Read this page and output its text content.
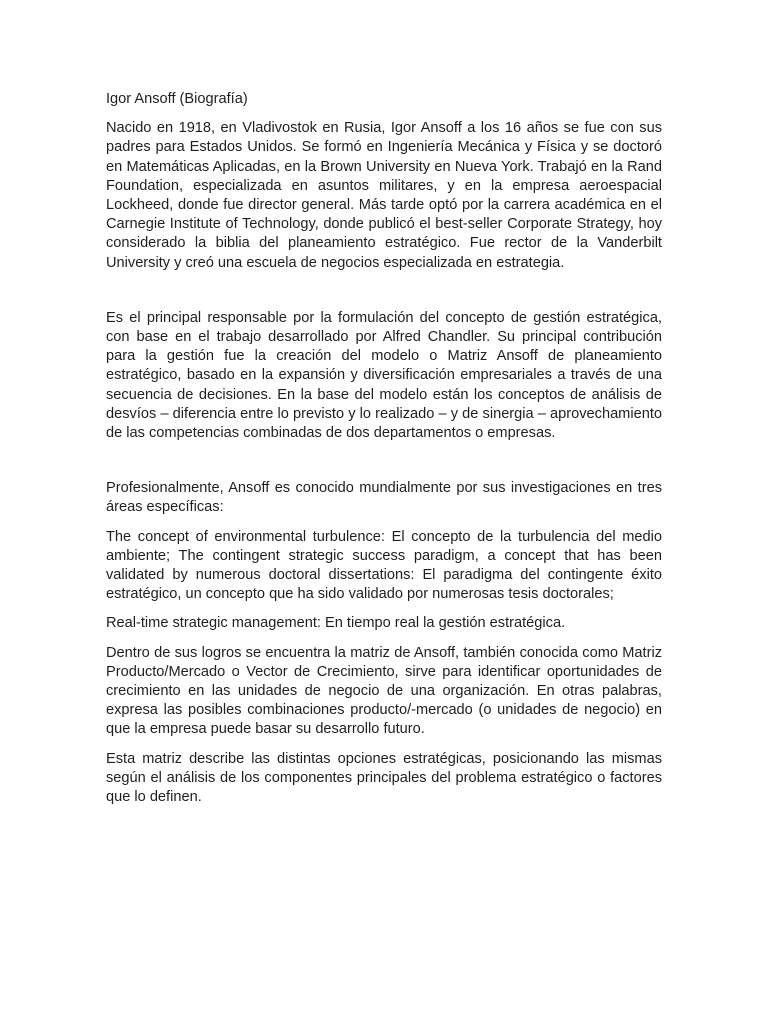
Igor Ansoff (Biografía)

Nacido en 1918, en Vladivostok en Rusia, Igor Ansoff a los 16 años se fue con sus padres para Estados Unidos. Se formó en Ingeniería Mecánica y Física y se doctoró en Matemáticas Aplicadas, en la Brown University en Nueva York. Trabajó en la Rand Foundation, especializada en asuntos militares, y en la empresa aeroespacial Lockheed, donde fue director general. Más tarde optó por la carrera académica en el Carnegie Institute of Technology, donde publicó el best-seller Corporate Strategy, hoy considerado la biblia del planeamiento estratégico. Fue rector de la Vanderbilt University y creó una escuela de negocios especializada en estrategia.

Es el principal responsable por la formulación del concepto de gestión estratégica, con base en el trabajo desarrollado por Alfred Chandler. Su principal contribución para la gestión fue la creación del modelo o Matriz Ansoff de planeamiento estratégico, basado en la expansión y diversificación empresariales a través de una secuencia de decisiones. En la base del modelo están los conceptos de análisis de desvíos – diferencia entre lo previsto y lo realizado – y de sinergia – aprovechamiento de las competencias combinadas de dos departamentos o empresas.

Profesionalmente, Ansoff es conocido mundialmente por sus investigaciones en tres áreas específicas:

The concept of environmental turbulence: El concepto de la turbulencia del medio ambiente; The contingent strategic success paradigm, a concept that has been validated by numerous doctoral dissertations: El paradigma del contingente éxito estratégico, un concepto que ha sido validado por numerosas tesis doctorales;

Real-time strategic management: En tiempo real la gestión estratégica.

Dentro de sus logros se encuentra la matriz de Ansoff, también conocida como Matriz Producto/Mercado o Vector de Crecimiento, sirve para identificar oportunidades de crecimiento en las unidades de negocio de una organización. En otras palabras, expresa las posibles combinaciones producto/-mercado (o unidades de negocio) en que la empresa puede basar su desarrollo futuro.

Esta matriz describe las distintas opciones estratégicas, posicionando las mismas según el análisis de los componentes principales del problema estratégico o factores que lo definen.
